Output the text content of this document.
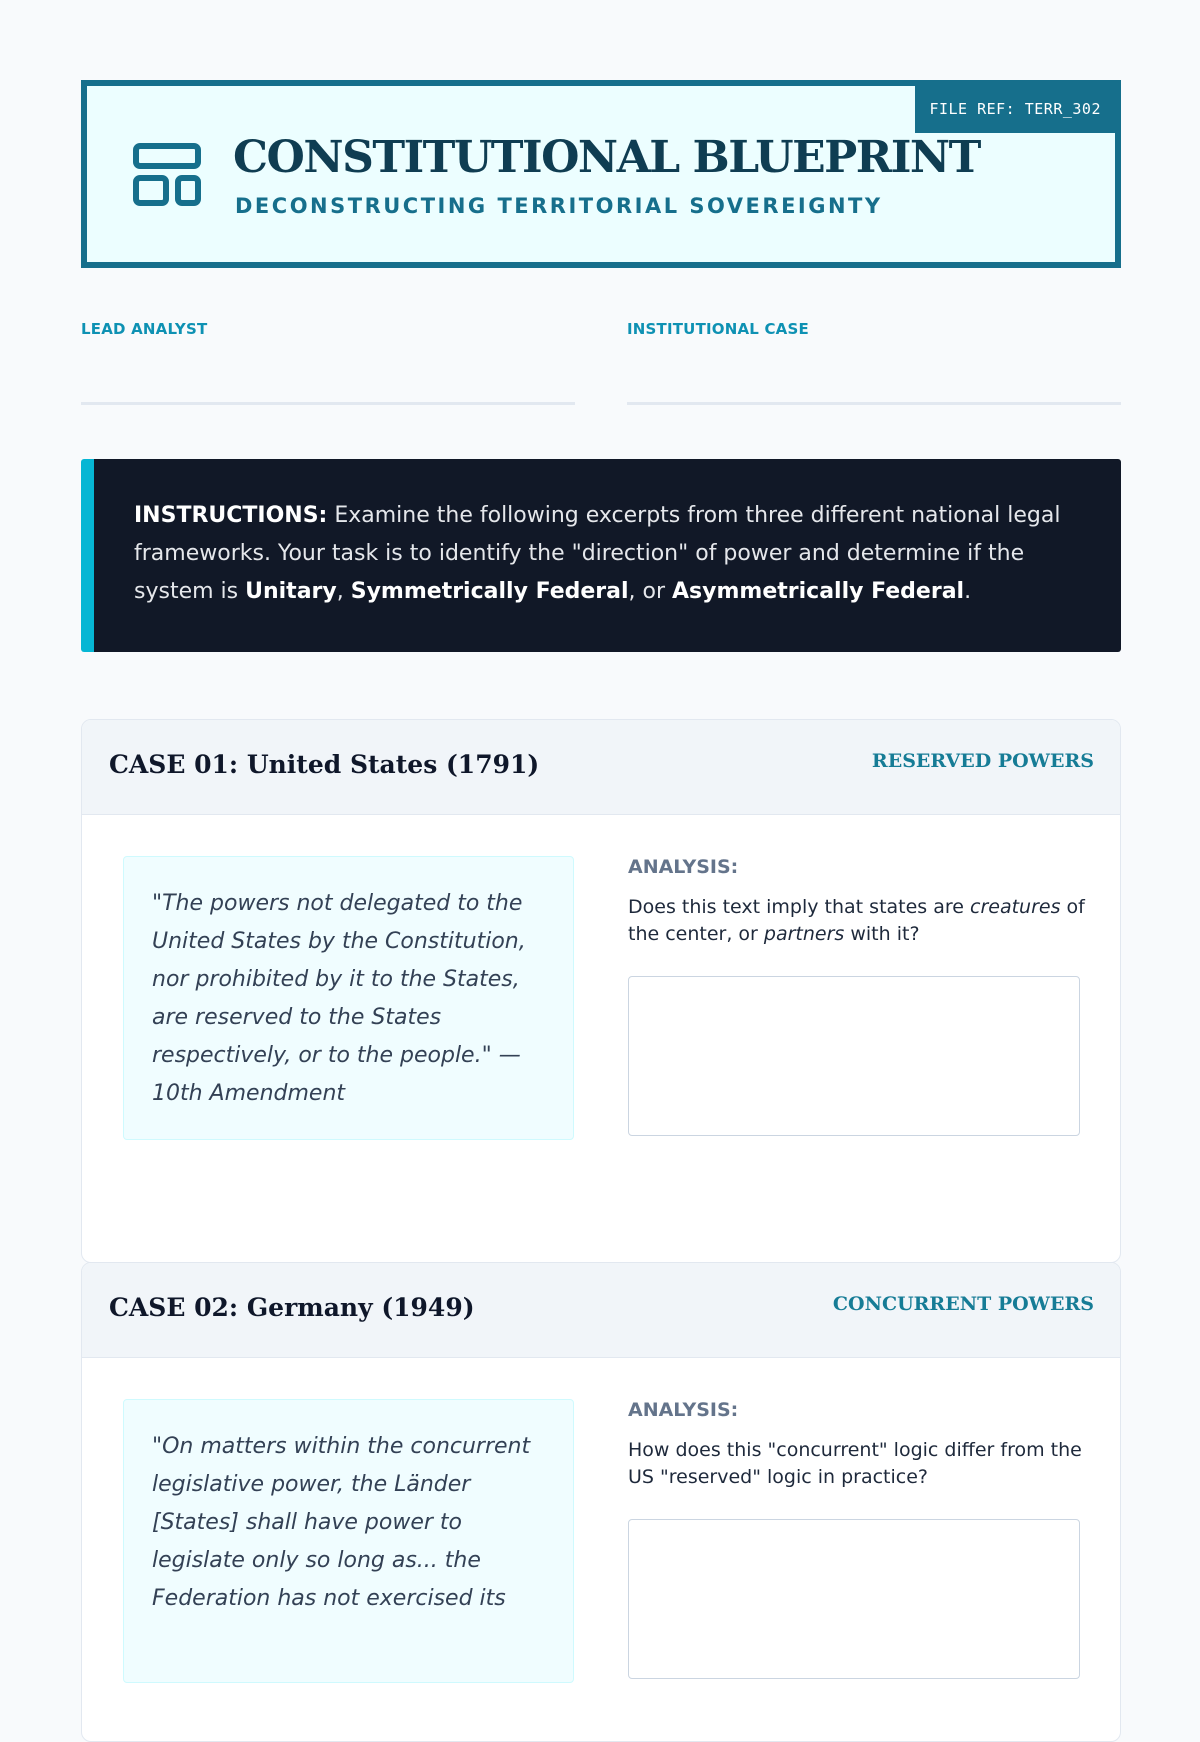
FILE REF: TERR_302
CONSTITUTIONAL BLUEPRINT
DECONSTRUCTING TERRITORIAL SOVEREIGNTY
LEAD ANALYST	INSTITUTIONAL CASE
INSTRUCTIONS: Examine the following excerpts from three different national legal frameworks. Your task is to identify the "direction" of power and determine if the system is Unitary, Symmetrically Federal, or Asymmetrically Federal.
CASE 01: United States (1791)	RESERVED POWERS
"The powers not delegated to the United States by the Constitution, nor prohibited by it to the States, are reserved to the States respectively, or to the people." — 10th Amendment
ANALYSIS:
Does this text imply that states are creatures of the center, or partners with it?
CASE 02: Germany (1949)	CONCURRENT POWERS
"On matters within the concurrent legislative power, the Länder [States] shall have power to legislate only so long as... the Federation has not exercised its
ANALYSIS:
How does this "concurrent" logic differ from the US "reserved" logic in practice?
